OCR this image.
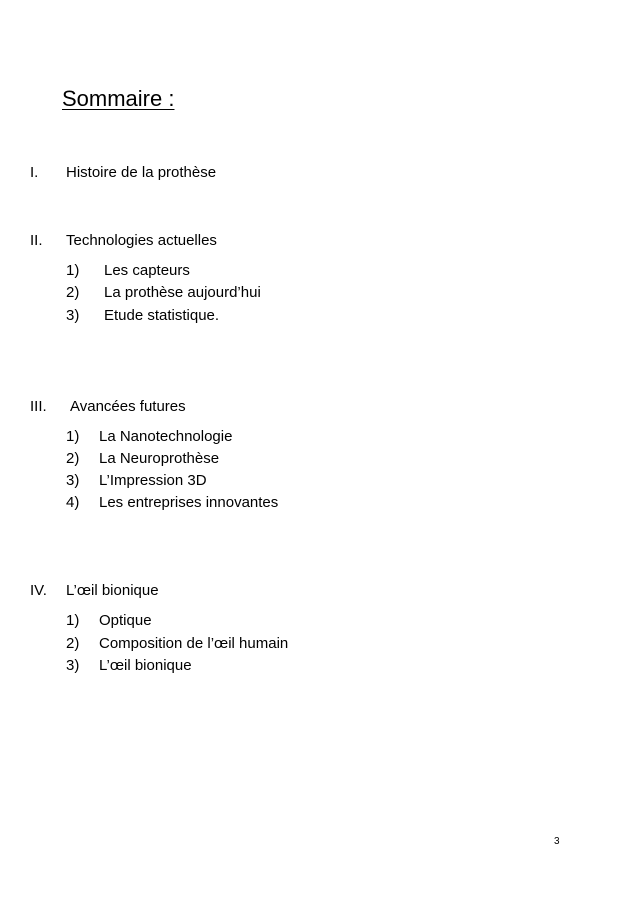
Sommaire :
I. Histoire de la prothèse
II. Technologies actuelles
1) Les capteurs
2) La prothèse aujourd’hui
3) Etude statistique.
III. Avancées futures
1) La Nanotechnologie
2) La Neuroprothèse
3) L’Impression 3D
4) Les entreprises innovantes
IV. L’œil bionique
1) Optique
2) Composition de l’œil humain
3) L’œil bionique
3
